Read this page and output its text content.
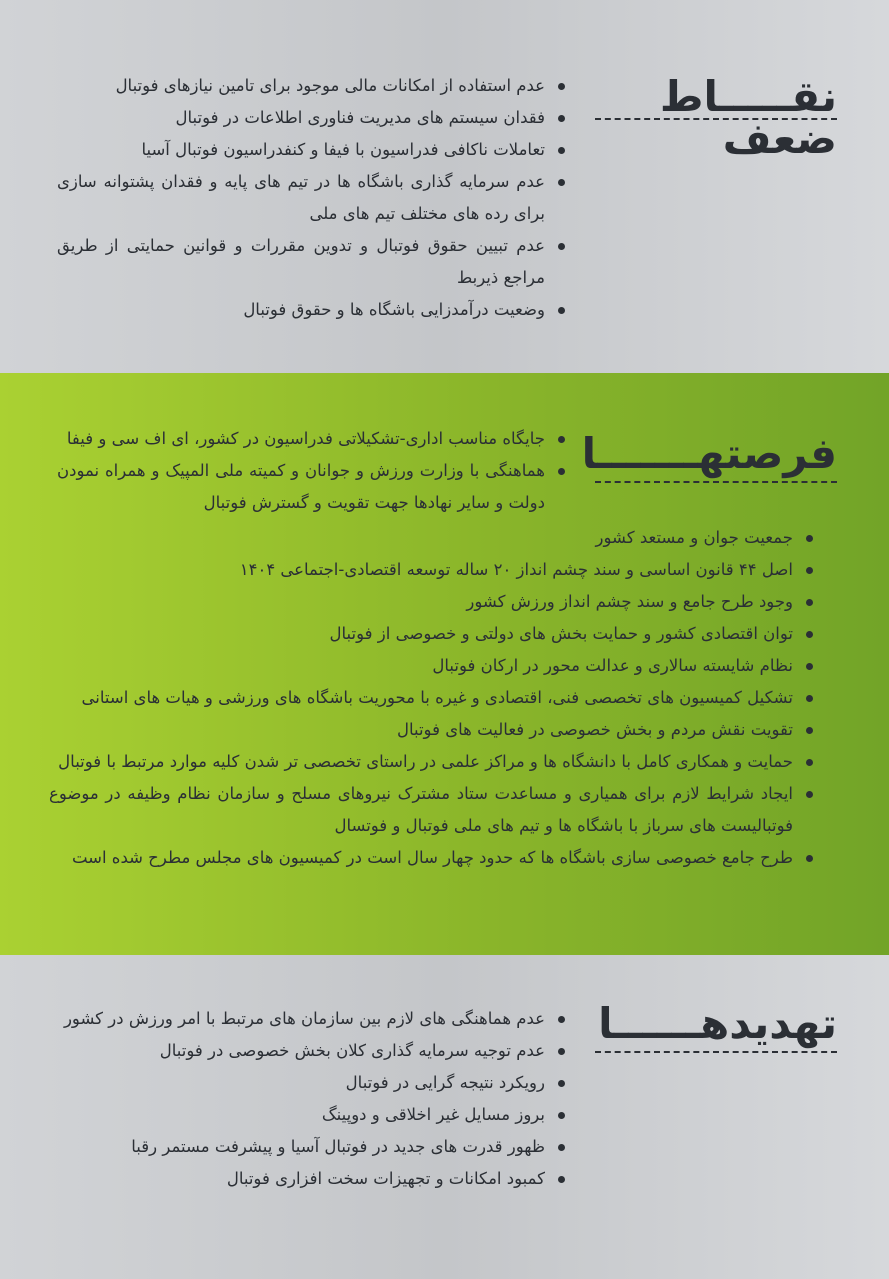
نقـــــاط ضعف
عدم استفاده از امکانات مالی موجود برای تامین نیازهای فوتبال
فقدان سیستم های مدیریت فناوری اطلاعات در فوتبال
تعاملات ناکافی فدراسیون با فیفا و کنفدراسیون فوتبال آسیا
عدم سرمایه گذاری باشگاه ها در تیم های پایه و فقدان پشتوانه سازی برای رده های مختلف تیم های ملی
عدم تبیین حقوق فوتبال و تدوین مقررات و قوانین حمایتی از طریق مراجع ذیربط
وضعیت درآمدزایی باشگاه ها و حقوق فوتبال
فرصتهـــــــا
جایگاه مناسب اداری-تشکیلاتی فدراسیون در کشور، ای اف سی و فیفا
هماهنگی با وزارت ورزش و جوانان و کمیته ملی المپیک و همراه نمودن دولت و سایر نهادها جهت تقویت و گسترش فوتبال
جمعیت جوان و مستعد کشور
اصل ۴۴ قانون اساسی و سند چشم انداز ۲۰ ساله توسعه اقتصادی-اجتماعی ۱۴۰۴
وجود طرح جامع و سند چشم انداز ورزش کشور
توان اقتصادی کشور و حمایت بخش های دولتی و خصوصی از فوتبال
نظام شایسته سالاری و عدالت محور در ارکان فوتبال
تشکیل کمیسیون های تخصصی فنی، اقتصادی و غیره با محوریت باشگاه های ورزشی و هیات های استانی
تقویت نقش مردم و بخش خصوصی در فعالیت های فوتبال
حمایت و همکاری کامل با دانشگاه ها و مراکز علمی در راستای تخصصی تر شدن کلیه موارد مرتبط با فوتبال
ایجاد شرایط لازم برای همیاری و مساعدت ستاد مشترک نیروهای مسلح و سازمان نظام وظیفه در موضوع فوتبالیست های سرباز با باشگاه ها و تیم های ملی فوتبال و فوتسال
طرح جامع خصوصی سازی باشگاه ها که حدود چهار سال است در کمیسیون های مجلس مطرح شده است
تهدیدهــــــا
عدم هماهنگی های لازم بین سازمان های مرتبط با امر ورزش در کشور
عدم توجیه سرمایه گذاری کلان بخش خصوصی در فوتبال
رویکرد نتیجه گرایی در فوتبال
بروز مسایل غیر اخلاقی و دوپینگ
ظهور قدرت های جدید در فوتبال آسیا و پیشرفت مستمر رقبا
کمبود امکانات و تجهیزات سخت افزاری فوتبال
